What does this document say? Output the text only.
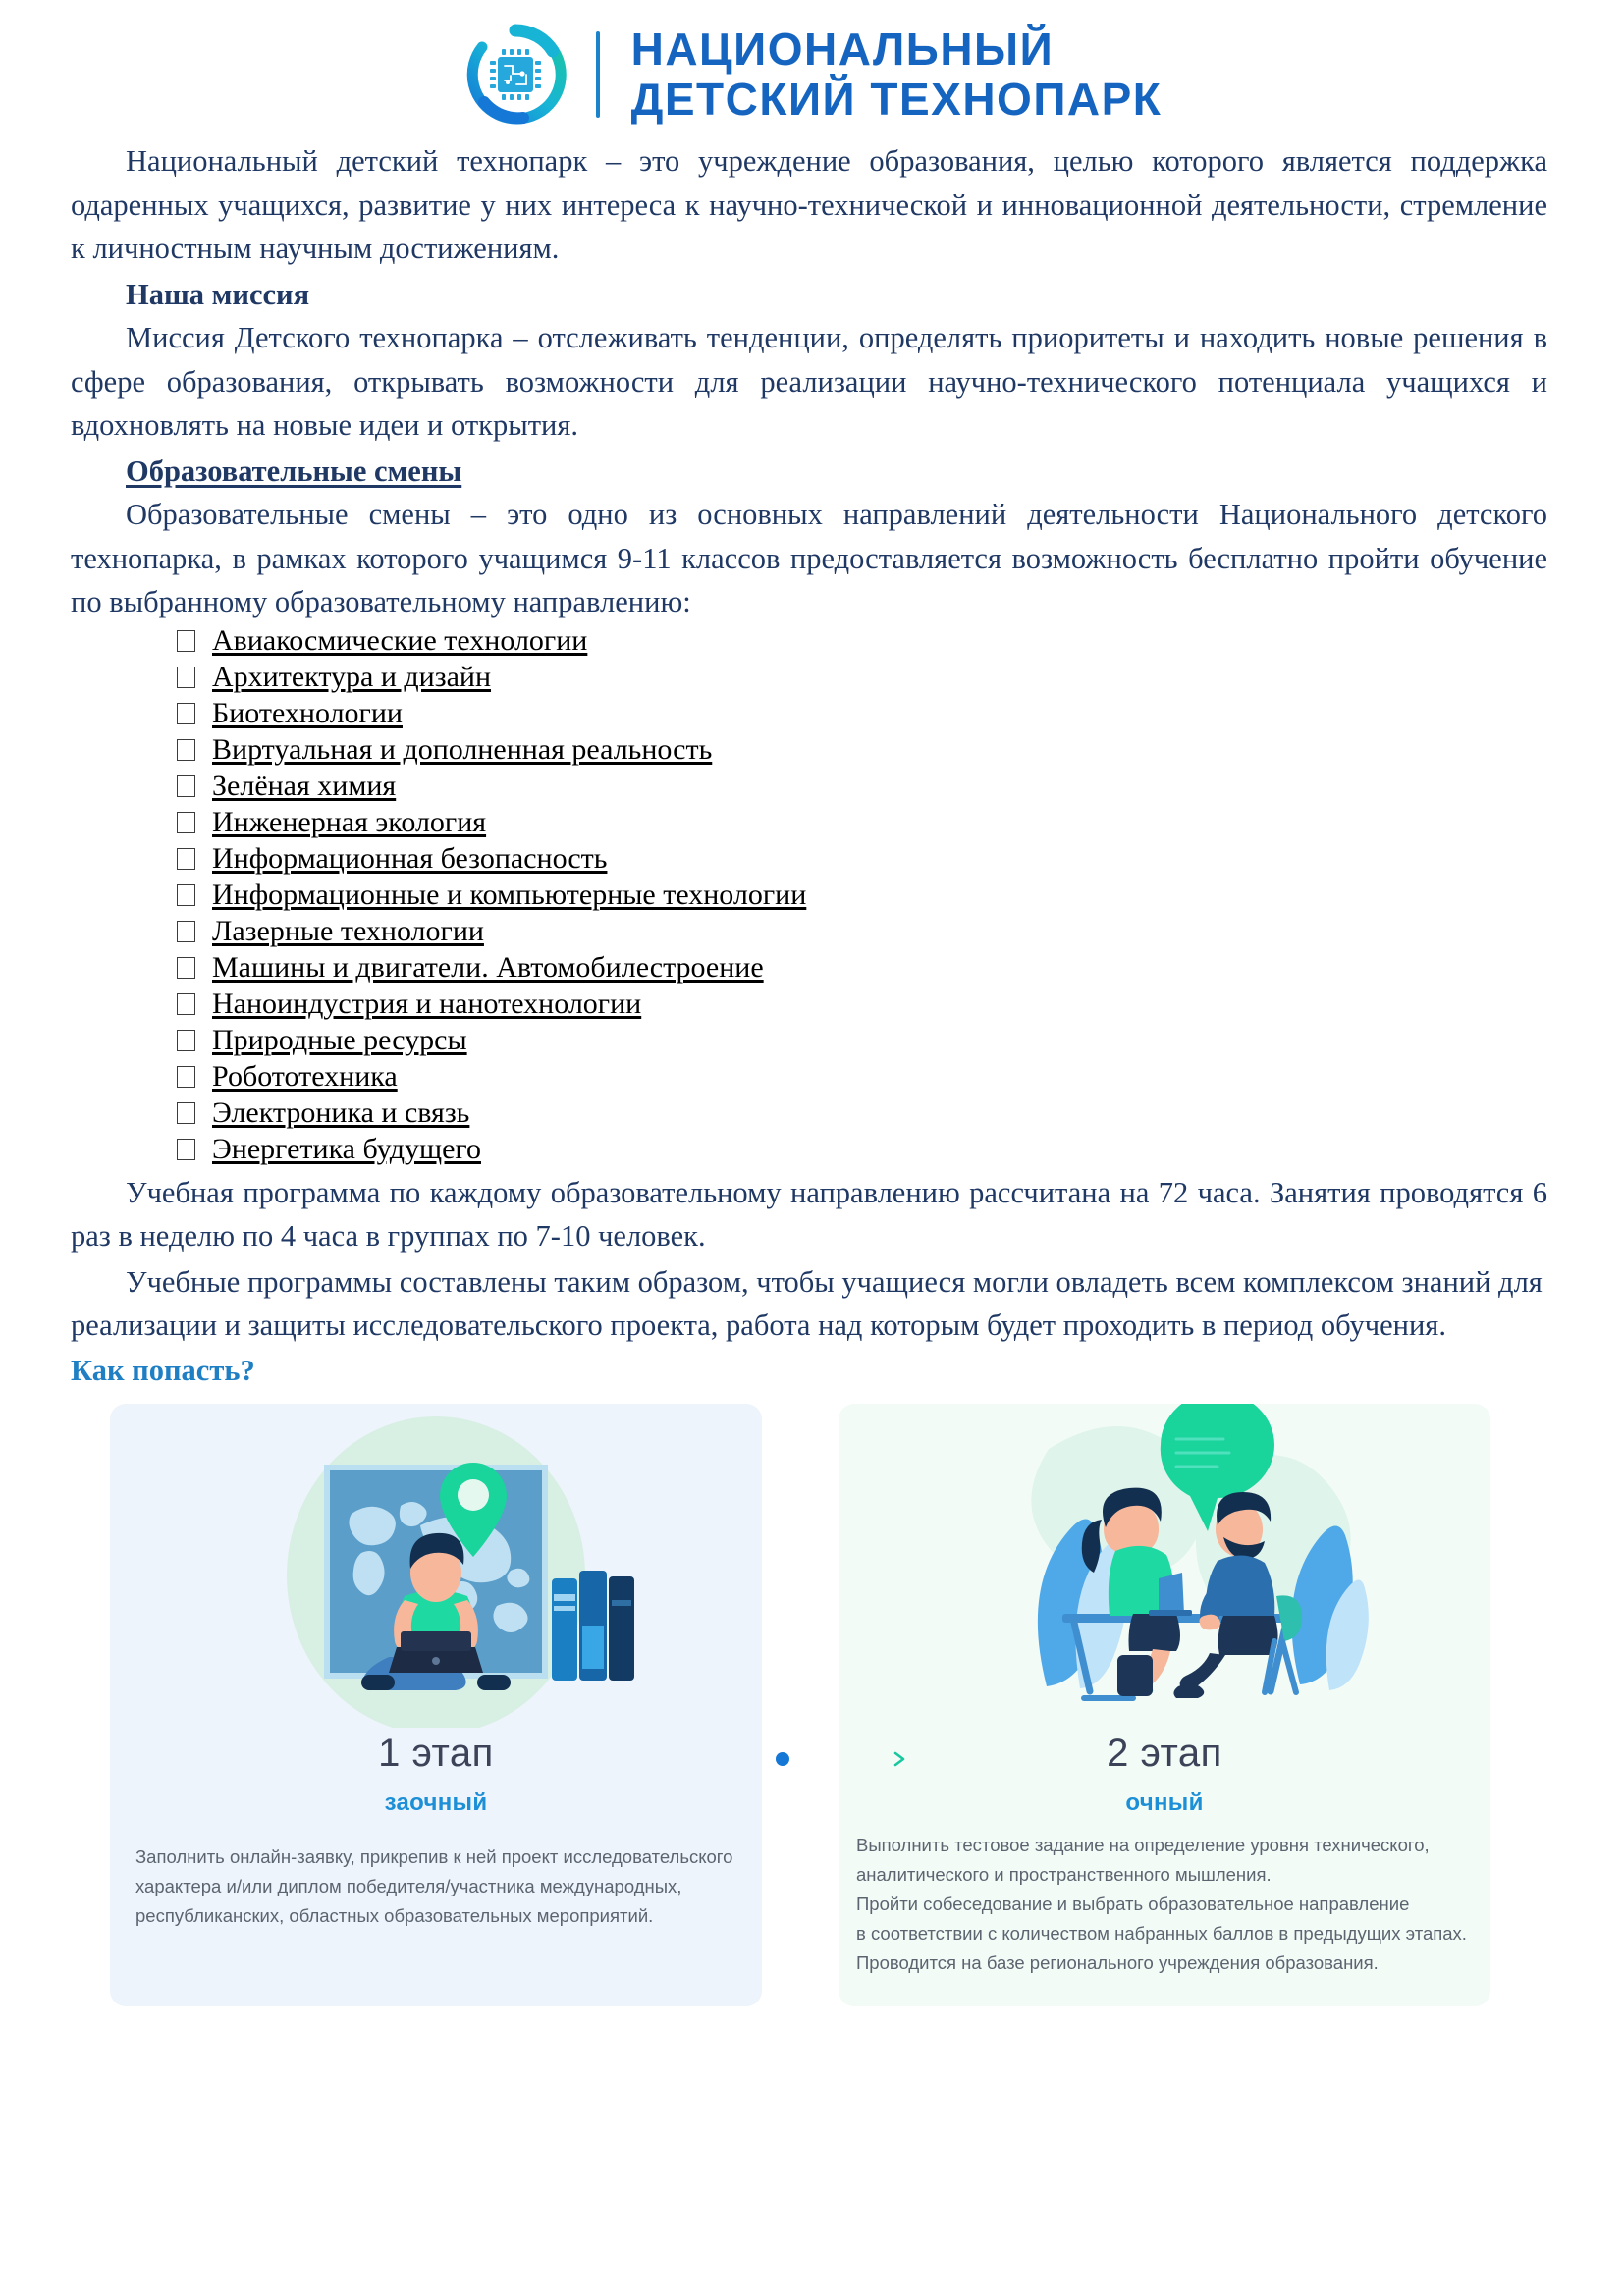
НАЦИОНАЛЬНЫЙ
ДЕТСКИЙ ТЕХНОПАРК

Национальный детский технопарк – это учреждение образования, целью которого является поддержка одаренных учащихся, развитие у них интереса к научно-технической и инновационной деятельности, стремление к личностным научным достижениям.

Наша миссия

Миссия Детского технопарка – отслеживать тенденции, определять приоритеты и находить новые решения в сфере образования, открывать возможности для реализации научно-технического потенциала учащихся и вдохновлять на новые идеи и открытия.

Образовательные смены

Образовательные смены – это одно из основных направлений деятельности Национального детского технопарка, в рамках которого учащимся 9-11 классов предоставляется возможность бесплатно пройти обучение по выбранному образовательному направлению:

Авиакосмические технологии
Архитектура и дизайн
Биотехнологии
Виртуальная и дополненная реальность
Зелёная химия
Инженерная экология
Информационная безопасность
Информационные и компьютерные технологии
Лазерные технологии
Машины и двигатели. Автомобилестроение
Наноиндустрия и нанотехнологии
Природные ресурсы
Робототехника
Электроника и связь
Энергетика будущего

Учебная программа по каждому образовательному направлению рассчитана на 72 часа. Занятия проводятся 6 раз в неделю по 4 часа в группах по 7-10 человек.

Учебные программы составлены таким образом, чтобы учащиеся могли овладеть всем комплексом знаний для реализации и защиты исследовательского проекта, работа над которым будет проходить в период обучения.

Как попасть?
1 этап
заочный
Заполнить онлайн-заявку, прикрепив к ней проект исследовательского
характера и/или диплом победителя/участника международных,
республиканских, областных образовательных мероприятий.
2 этап
очный
Выполнить тестовое задание на определение уровня технического,
аналитического и пространственного мышления.
Пройти собеседование и выбрать образовательное направление
в соответствии с количеством набранных баллов в предыдущих этапах.
Проводится на базе регионального учреждения образования.
